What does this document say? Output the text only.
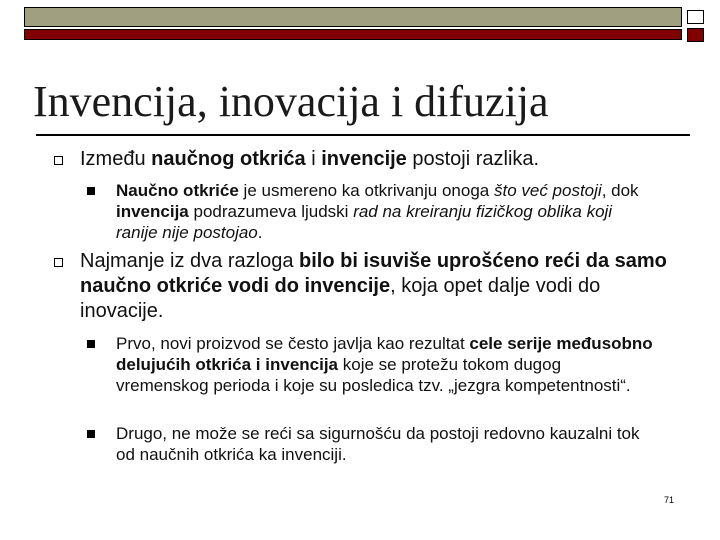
Invencija, inovacija i difuzija
Između naučnog otkrića i invencije postoji razlika.
Naučno otkriće je usmereno ka otkrivanju onoga što već postoji, dok invencija podrazumeva ljudski rad na kreiranju fizičkog oblika koji ranije nije postojao.
Najmanje iz dva razloga bilo bi isuviše uprošćeno reći da samo naučno otkriće vodi do invencije, koja opet dalje vodi do inovacije.
Prvo, novi proizvod se često javlja kao rezultat cele serije međusobno delujućih otkrića i invencija koje se protežu tokom dugog vremenskog perioda i koje su posledica tzv. „jezgra kompetentnosti“.
Drugo, ne može se reći sa sigurnošću da postoji redovno kauzalni tok od naučnih otkrića ka invenciji.
71
